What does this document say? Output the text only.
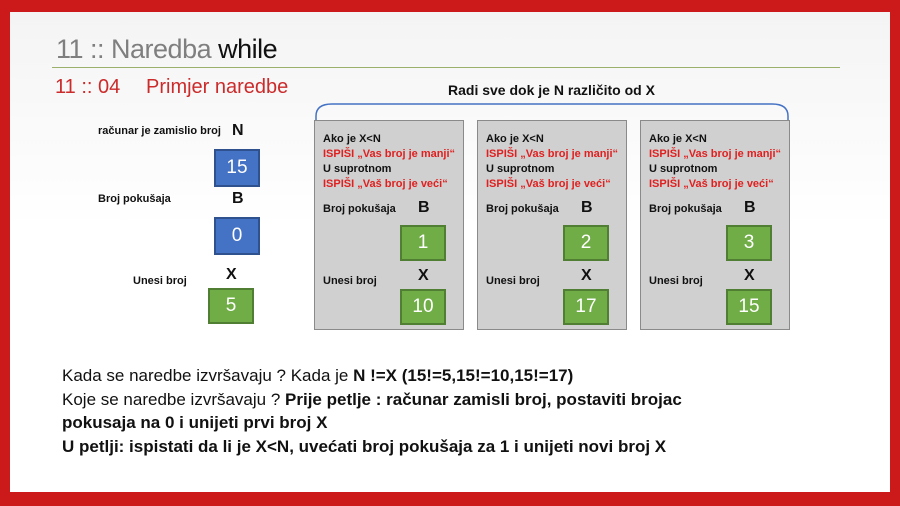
11 :: Naredba while
11 :: 04 Primjer naredbe	Radi sve dok je N različito od X
računar je zamislio broj N
15
Broj pokušaja	B
0
Unesi broj X
5
Ako je X<N
ISPIŠI „Vas broj je manji“
U suprotnom
ISPIŠI „Vaš broj je veći“
Broj pokušaja B
1
Unesi broj	X
10
Ako je X<N
ISPIŠI „Vas broj je manji“
U suprotnom
ISPIŠI „Vaš broj je veći“
Broj pokušaja B
2
Unesi broj	X
17
Ako je X<N
ISPIŠI „Vas broj je manji“
U suprotnom
ISPIŠI „Vaš broj je veći“
Broj pokušaja B
3
Unesi broj	X
15
Kada se naredbe izvršavaju ? Kada je N !=X (15!=5,15!=10,15!=17)
Koje se naredbe izvršavaju ? Prije petlje : računar zamisli broj, postaviti brojac
pokusaja na 0 i unijeti prvi broj X
U petlji: ispistati da li je X<N, uvećati broj pokušaja za 1 i unijeti novi broj X
